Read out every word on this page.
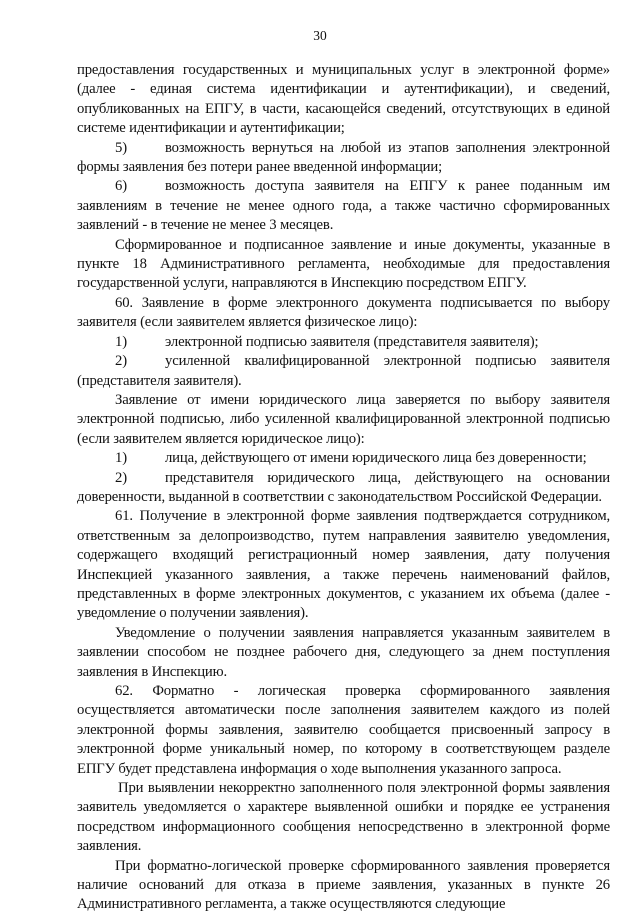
30

предоставления государственных и муниципальных услуг в электронной форме» (далее - единая система идентификации и аутентификации), и сведений, опубликованных на ЕПГУ, в части, касающейся сведений, отсутствующих в единой системе идентификации и аутентификации;

5)	возможность вернуться на любой из этапов заполнения электронной формы заявления без потери ранее введенной информации;

6)	возможность доступа заявителя на ЕПГУ к ранее поданным им заявлениям в течение не менее одного года, а также частично сформированных заявлений - в течение не менее 3 месяцев.

Сформированное и подписанное заявление и иные документы, указанные в пункте 18 Административного регламента, необходимые для предоставления государственной услуги, направляются в Инспекцию посредством ЕПГУ.

60. Заявление в форме электронного документа подписывается по выбору заявителя (если заявителем является физическое лицо):

1)	электронной подписью заявителя (представителя заявителя);

2)	усиленной квалифицированной электронной подписью заявителя (представителя заявителя).

Заявление от имени юридического лица заверяется по выбору заявителя электронной подписью, либо усиленной квалифицированной электронной подписью (если заявителем является юридическое лицо):

1)	лица, действующего от имени юридического лица без доверенности;

2)	представителя юридического лица, действующего на основании доверенности, выданной в соответствии с законодательством Российской Федерации.

61. Получение в электронной форме заявления подтверждается сотрудником, ответственным за делопроизводство, путем направления заявителю уведомления, содержащего входящий регистрационный номер заявления, дату получения Инспекцией указанного заявления, а также перечень наименований файлов, представленных в форме электронных документов, с указанием их объема (далее - уведомление о получении заявления).

Уведомление о получении заявления направляется указанным заявителем в заявлении способом не позднее рабочего дня, следующего за днем поступления заявления в Инспекцию.

62. Форматно - логическая проверка сформированного заявления осуществляется автоматически после заполнения заявителем каждого из полей электронной формы заявления, заявителю сообщается присвоенный запросу в электронной форме уникальный номер, по которому в соответствующем разделе ЕПГУ будет представлена информация о ходе выполнения указанного запроса.

При выявлении некорректно заполненного поля электронной формы заявления заявитель уведомляется о характере выявленной ошибки и порядке ее устранения посредством информационного сообщения непосредственно в электронной форме заявления.

При форматно-логической проверке сформированного заявления проверяется наличие оснований для отказа в приеме заявления, указанных в пункте 26 Административного регламента, а также осуществляются следующие
